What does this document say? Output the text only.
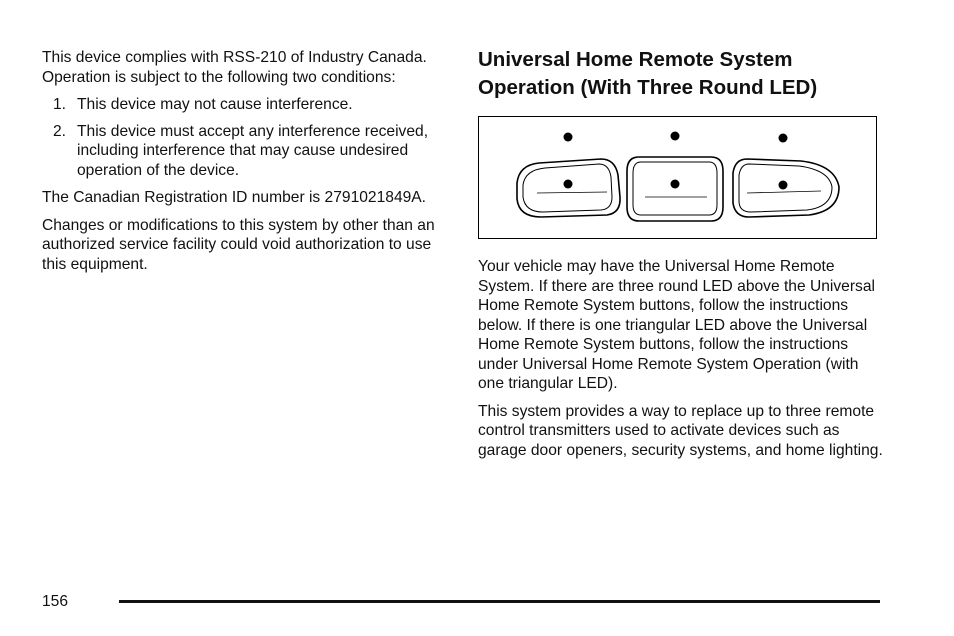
This device complies with RSS-210 of Industry Canada. Operation is subject to the following two conditions:

1. This device may not cause interference.
2. This device must accept any interference received, including interference that may cause undesired operation of the device.

The Canadian Registration ID number is 2791021849A.

Changes or modifications to this system by other than an authorized service facility could void authorization to use this equipment.

Universal Home Remote System Operation (With Three Round LED)

Your vehicle may have the Universal Home Remote System. If there are three round LED above the Universal Home Remote System buttons, follow the instructions below. If there is one triangular LED above the Universal Home Remote System buttons, follow the instructions under Universal Home Remote System Operation (with one triangular LED).

This system provides a way to replace up to three remote control transmitters used to activate devices such as garage door openers, security systems, and home lighting.

156
